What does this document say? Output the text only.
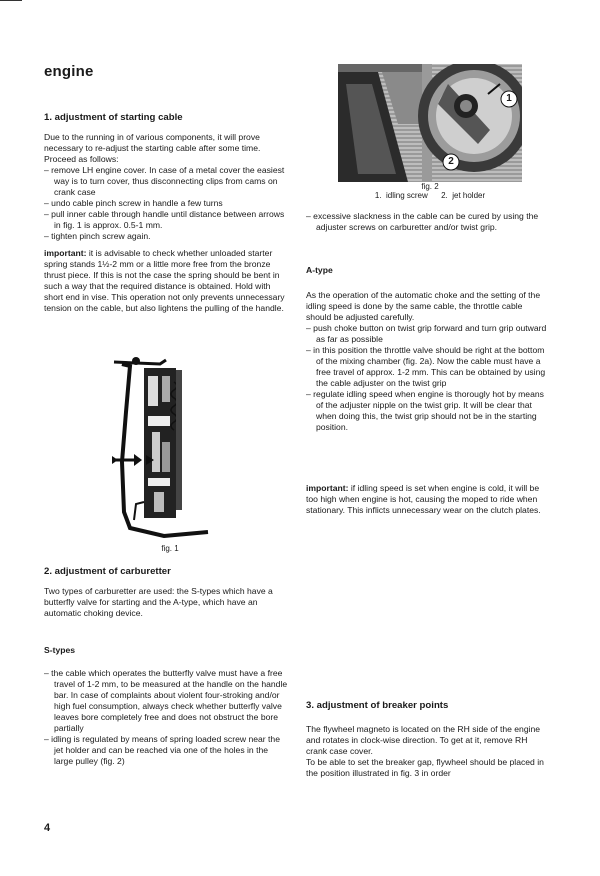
engine

1. adjustment of starting cable

Due to the running in of various components, it will prove necessary to re-adjust the starting cable after some time. Proceed as follows:

– remove LH engine cover. In case of a metal cover the easiest way is to turn cover, thus disconnecting clips from cams on crank case
– undo cable pinch screw in handle a few turns
– pull inner cable through handle until distance between arrows in fig. 1 is approx. 0.5-1 mm.
– tighten pinch screw again.

important: it is advisable to check whether unloaded starter spring stands 1½-2 mm or a little more free from the bronze thrust piece. If this is not the case the spring should be bent in such a way that the required distance is obtained. Hold with short end in vise. This operation not only prevents unnecessary tension on the cable, but also lightens the pulling of the handle.

fig. 1

2. adjustment of carburetter

Two types of carburetter are used: the S-types which have a butterfly valve for starting and the A-type, which have an automatic choking device.

S-types

– the cable which operates the butterfly valve must have a free travel of 1-2 mm, to be measured at the handle on the handle bar. In case of complaints about violent four-stroking and/or high fuel consumption, always check whether butterfly valve leaves bore completely free and does not obstruct the bore partially
– idling is regulated by means of spring loaded screw near the jet holder and can be reached via one of the holes in the large pulley (fig. 2)
1
2
fig. 2
1.  idling screw      2.  jet holder
– excessive slackness in the cable can be cured by using the adjuster screws on carburetter and/or twist grip.

A-type

As the operation of the automatic choke and the setting of the idling speed is done by the same cable, the throttle cable should be adjusted carefully.

– push choke button on twist grip forward and turn grip outward as far as possible
– in this position the throttle valve should be right at the bottom of the mixing chamber (fig. 2a). Now the cable must have a free travel of approx. 1-2 mm. This can be obtained by using the cable adjuster on the twist grip
– regulate idling speed when engine is thorougly hot by means of the adjuster nipple on the twist grip. It will be clear that when doing this, the twist grip should not be in the starting position.

important: if idling speed is set when engine is cold, it will be too high when engine is hot, causing the moped to ride when stationary. This inflicts unnecessary wear on the clutch plates.

3. adjustment of breaker points

The flywheel magneto is located on the RH side of the engine and rotates in clock-wise direction. To get at it, remove RH crank case cover.

To be able to set the breaker gap, flywheel should be placed in the position illustrated in fig. 3 in order

4
